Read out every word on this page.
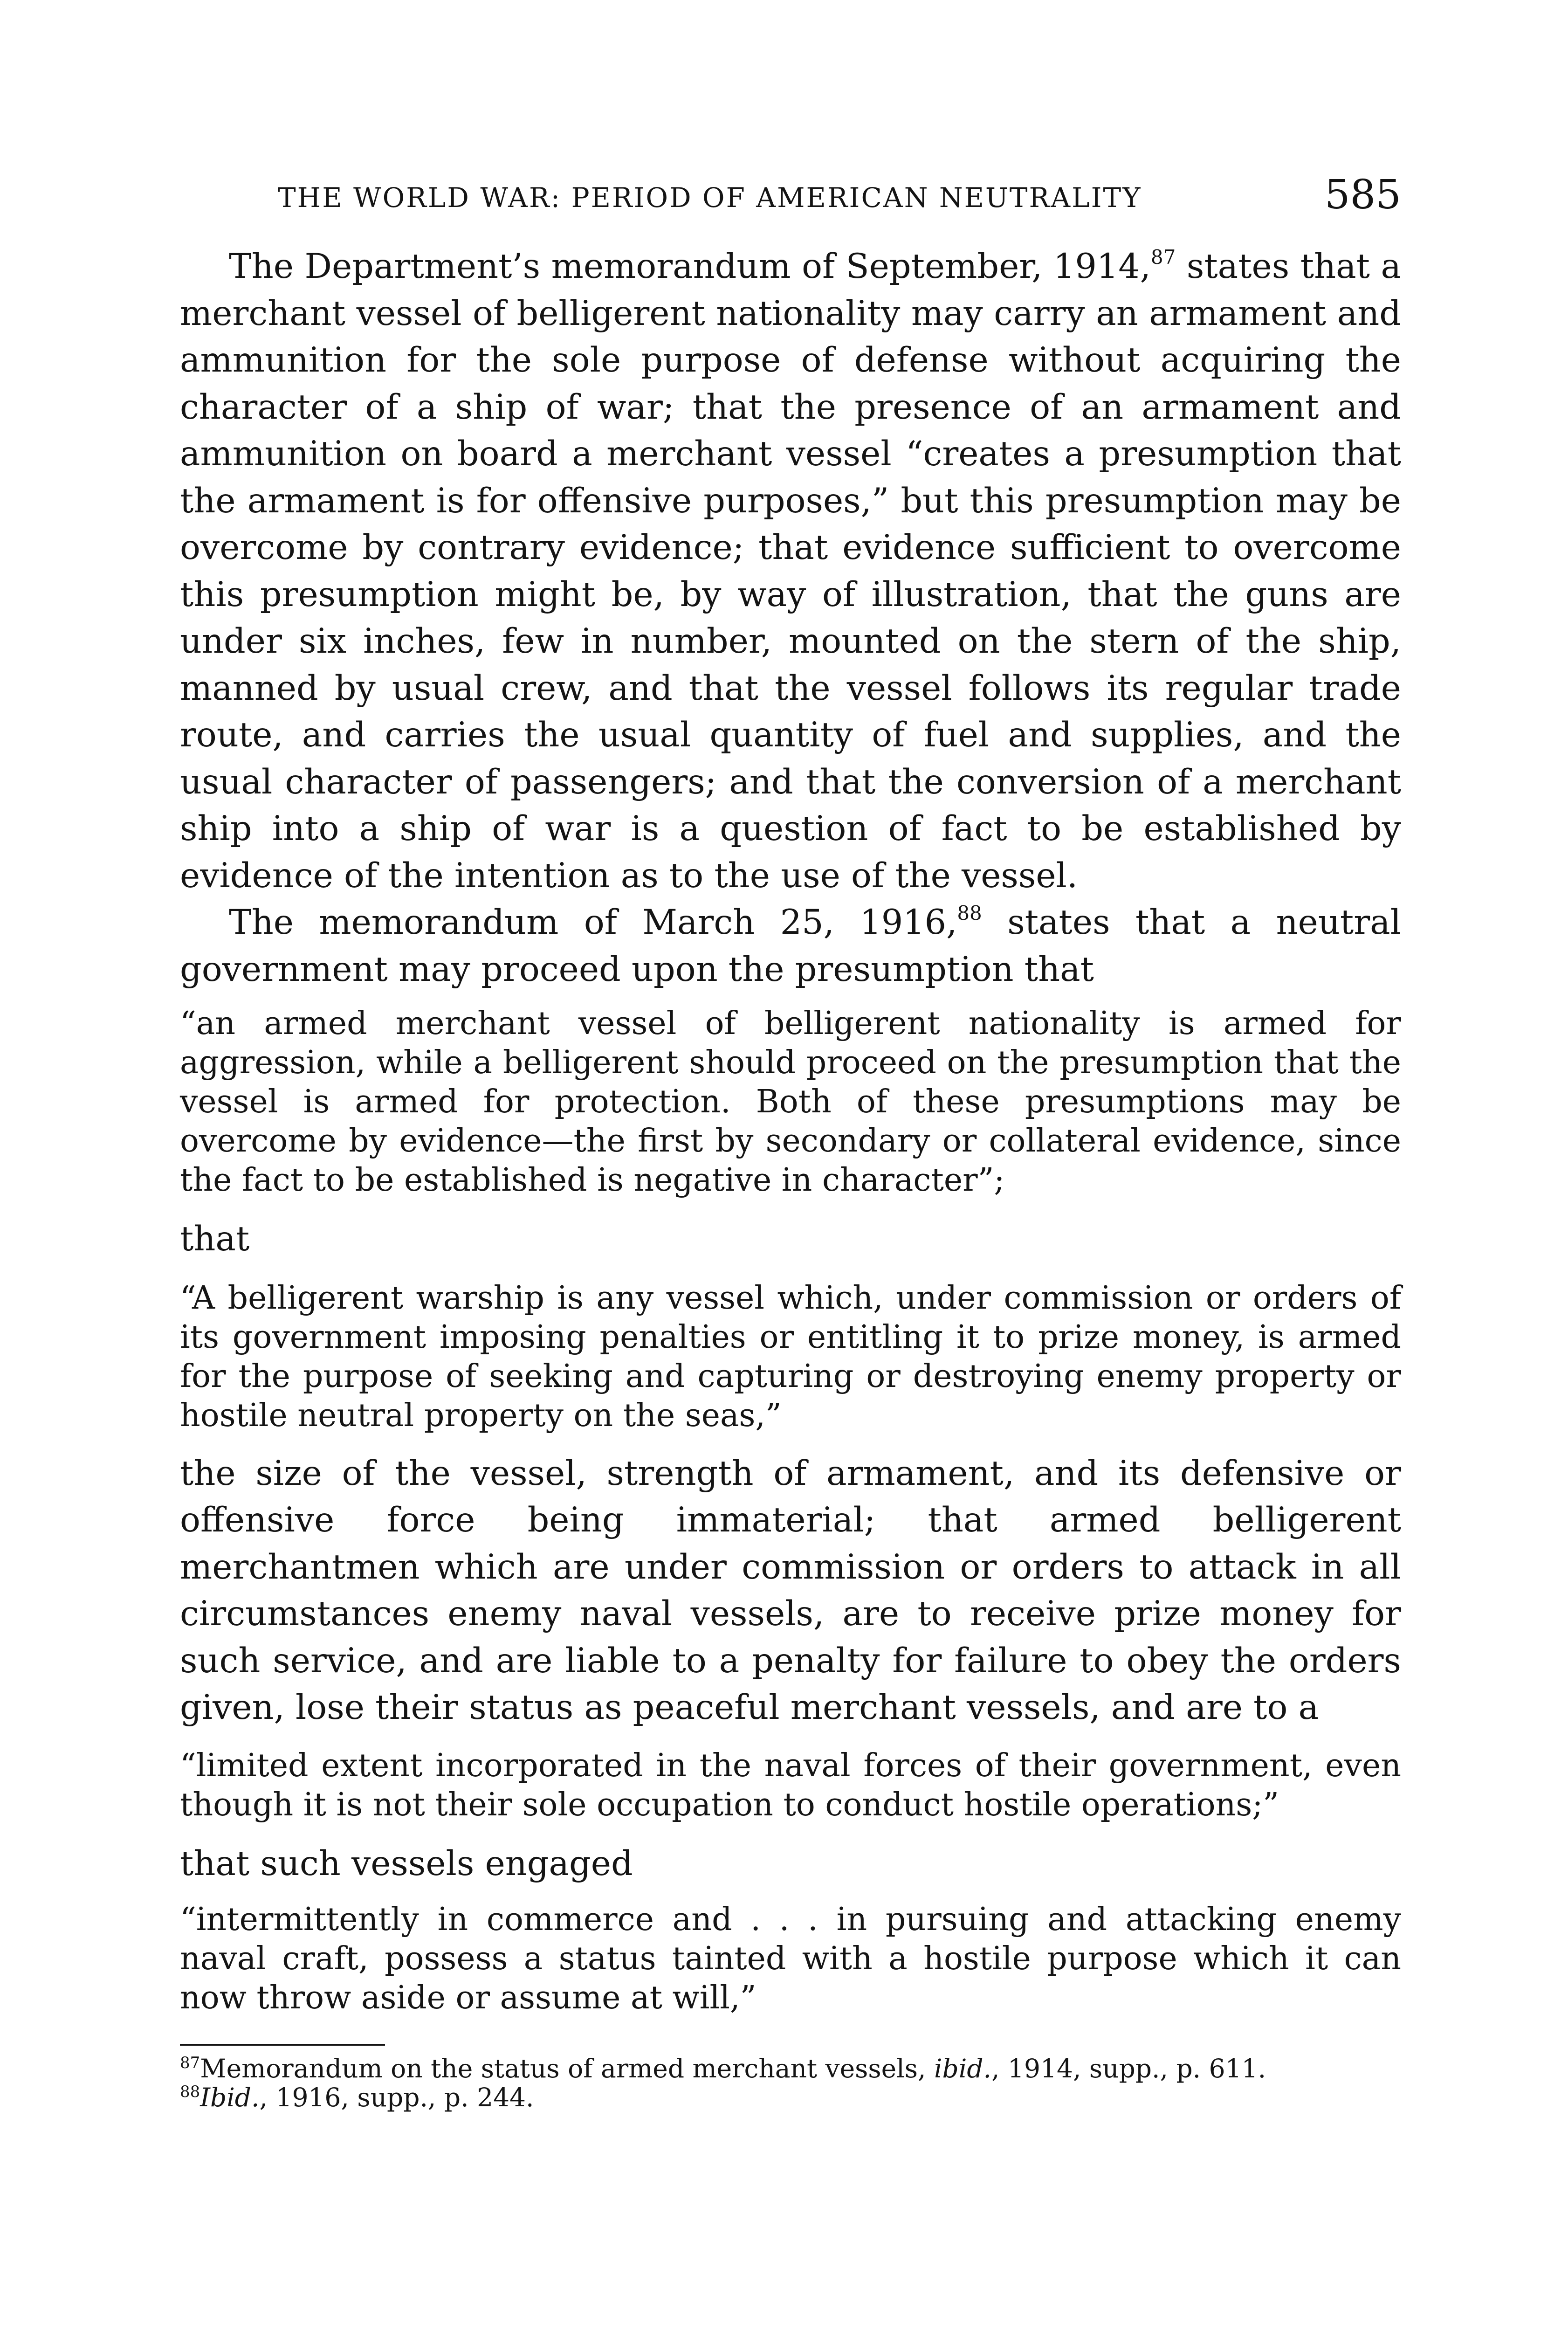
THE WORLD WAR: PERIOD OF AMERICAN NEUTRALITY	585

The Department’s memorandum of September, 1914,87 states that a merchant vessel of belligerent nationality may carry an armament and ammunition for the sole purpose of defense without acquiring the character of a ship of war; that the presence of an armament and ammunition on board a merchant vessel “creates a presumption that the armament is for offensive purposes,” but this presumption may be overcome by contrary evidence; that evidence sufficient to overcome this presumption might be, by way of illustration, that the guns are under six inches, few in number, mounted on the stern of the ship, manned by usual crew, and that the vessel follows its regular trade route, and carries the usual quantity of fuel and supplies, and the usual character of passengers; and that the conversion of a merchant ship into a ship of war is a question of fact to be established by evidence of the intention as to the use of the vessel.

The memorandum of March 25, 1916,88 states that a neutral government may proceed upon the presumption that

“an armed merchant vessel of belligerent nationality is armed for aggression, while a belligerent should proceed on the presumption that the vessel is armed for protection. Both of these presumptions may be overcome by evidence—the first by secondary or collateral evidence, since the fact to be established is negative in character”;

that

“A belligerent warship is any vessel which, under commission or orders of its government imposing penalties or entitling it to prize money, is armed for the purpose of seeking and capturing or destroying enemy property or hostile neutral property on the seas,”

the size of the vessel, strength of armament, and its defensive or offensive force being immaterial; that armed belligerent merchantmen which are under commission or orders to attack in all circumstances enemy naval vessels, are to receive prize money for such service, and are liable to a penalty for failure to obey the orders given, lose their status as peaceful merchant vessels, and are to a

“limited extent incorporated in the naval forces of their government, even though it is not their sole occupation to conduct hostile operations;”

that such vessels engaged

“intermittently in commerce and . . . in pursuing and attacking enemy naval craft, possess a status tainted with a hostile purpose which it can now throw aside or assume at will,”

$^{87}$Memorandum on the status of armed merchant vessels, ibid., 1914, supp., p. 611.

$^{88}$Ibid., 1916, supp., p. 244.
